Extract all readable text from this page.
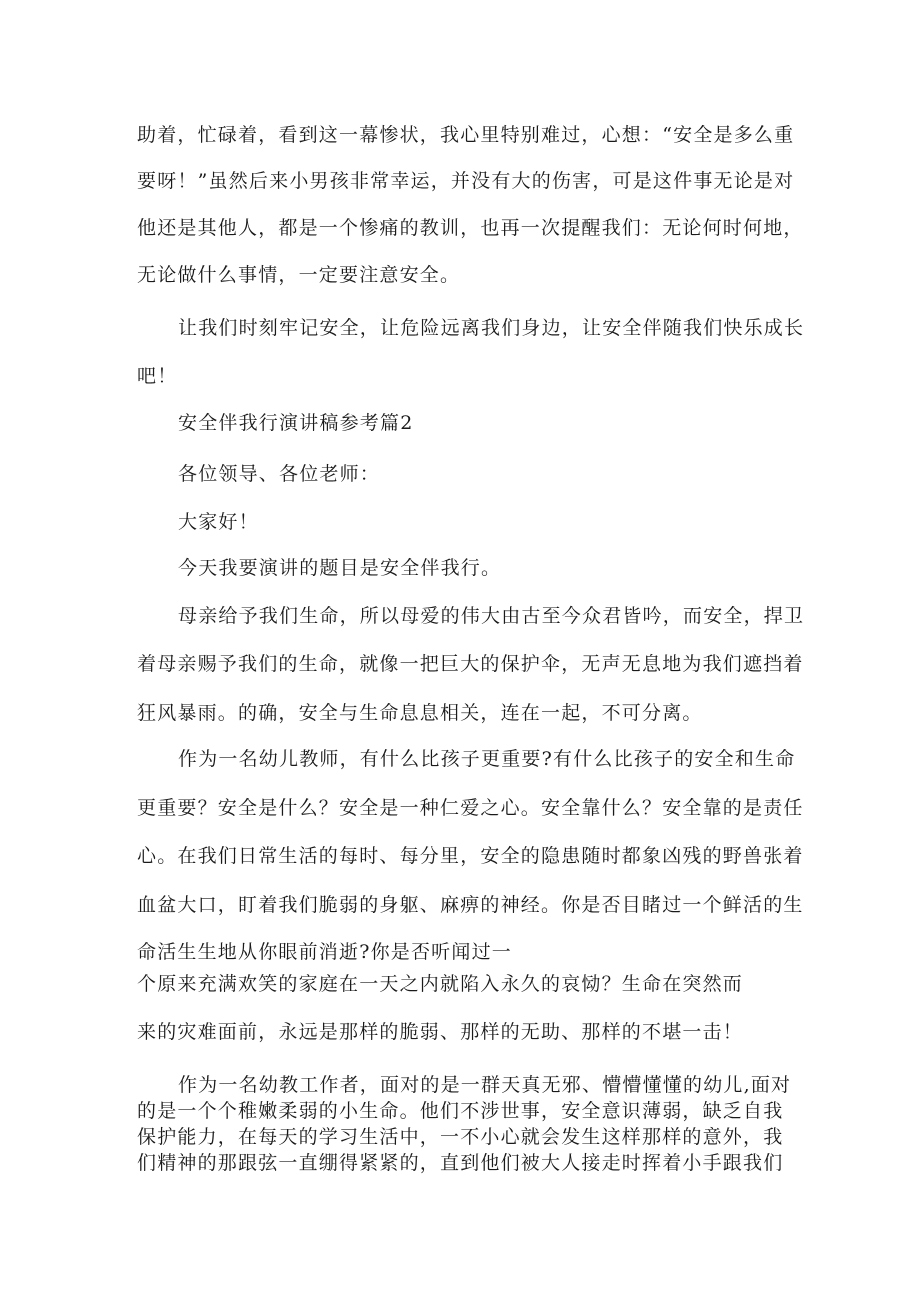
助着，忙碌着，看到这一幕惨状，我心里特别难过，心想：“安全是多么重
要呀！”虽然后来小男孩非常幸运，并没有大的伤害，可是这件事无论是对
他还是其他人，都是一个惨痛的教训，也再一次提醒我们：无论何时何地，
无论做什么事情，一定要注意安全。
让我们时刻牢记安全，让危险远离我们身边，让安全伴随我们快乐成长
吧！
安全伴我行演讲稿参考篇2
各位领导、各位老师：
大家好！
今天我要演讲的题目是安全伴我行。
母亲给予我们生命，所以母爱的伟大由古至今众君皆吟，而安全，捍卫
着母亲赐予我们的生命，就像一把巨大的保护伞，无声无息地为我们遮挡着
狂风暴雨。的确，安全与生命息息相关，连在一起，不可分离。
作为一名幼儿教师，有什么比孩子更重要?有什么比孩子的安全和生命
更重要？安全是什么？安全是一种仁爱之心。安全靠什么？安全靠的是责任
心。在我们日常生活的每时、每分里，安全的隐患随时都象凶残的野兽张着
血盆大口，盯着我们脆弱的身躯、麻痹的神经。你是否目睹过一个鲜活的生
命活生生地从你眼前消逝?你是否听闻过一
个原来充满欢笑的家庭在一天之内就陷入永久的哀恸？生命在突然而
来的灾难面前，永远是那样的脆弱、那样的无助、那样的不堪一击！
作为一名幼教工作者，面对的是一群天真无邪、懵懵懂懂的幼儿,面对
的是一个个稚嫩柔弱的小生命。他们不涉世事，安全意识薄弱，缺乏自我
保护能力，在每天的学习生活中，一不小心就会发生这样那样的意外，我
们精神的那跟弦一直绷得紧紧的，直到他们被大人接走时挥着小手跟我们
